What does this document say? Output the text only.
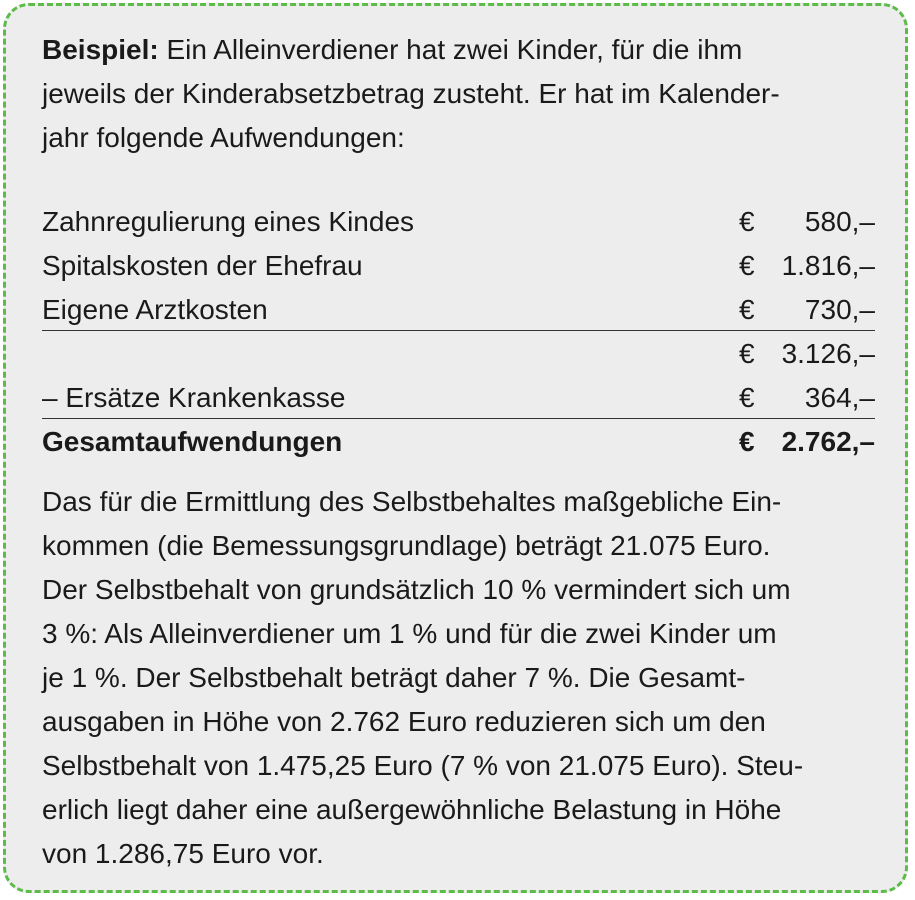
Beispiel: Ein Alleinverdiener hat zwei Kinder, für die ihm
jeweils der Kinderabsetzbetrag zusteht. Er hat im Kalender-
jahr folgende Aufwendungen:

Zahnregulierung eines Kindes	€ 580,–
Spitalskosten der Ehefrau	€ 1.816,–
Eigene Arztkosten	€ 730,–
€ 3.126,–
– Ersätze Krankenkasse	€ 364,–
Gesamtaufwendungen	€ 2.762,–

Das für die Ermittlung des Selbstbehaltes maßgebliche Ein-
kommen (die Bemessungsgrundlage) beträgt 21.075 Euro.
Der Selbstbehalt von grundsätzlich 10 % vermindert sich um
3 %: Als Alleinverdiener um 1 % und für die zwei Kinder um
je 1 %. Der Selbstbehalt beträgt daher 7 %. Die Gesamt-
ausgaben in Höhe von 2.762 Euro reduzieren sich um den
Selbstbehalt von 1.475,25 Euro (7 % von 21.075 Euro). Steu-
erlich liegt daher eine außergewöhnliche Belastung in Höhe
von 1.286,75 Euro vor.
